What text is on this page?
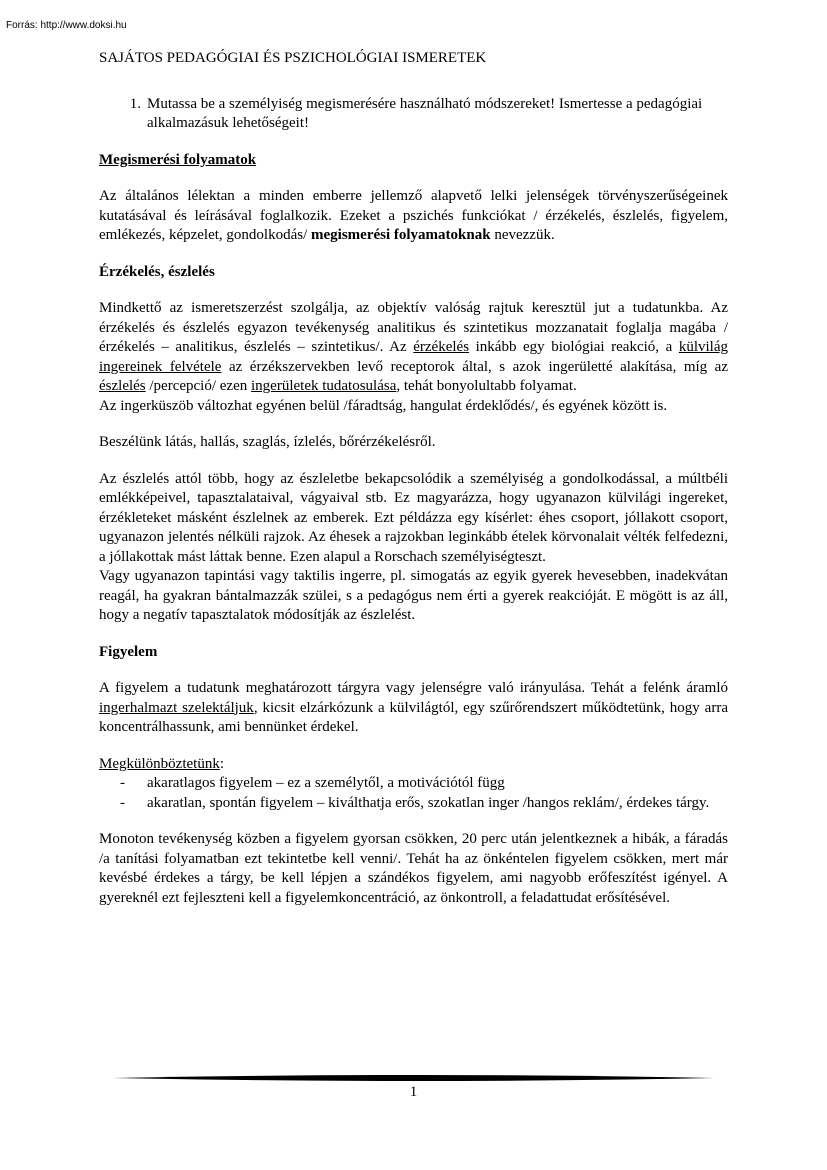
Forrás: http://www.doksi.hu

SAJÁTOS PEDAGÓGIAI ÉS PSZICHOLÓGIAI ISMERETEK

1. Mutassa be a személyiség megismerésére használható módszereket! Ismertesse a pedagógiai alkalmazásuk lehetőségeit!

Megismerési folyamatok

Az általános lélektan a minden emberre jellemző alapvető lelki jelenségek törvényszerűségeinek kutatásával és leírásával foglalkozik. Ezeket a pszichés funkciókat / érzékelés, észlelés, figyelem, emlékezés, képzelet, gondolkodás/ megismerési folyamatoknak nevezzük.

Érzékelés, észlelés

Mindkettő az ismeretszerzést szolgálja, az objektív valóság rajtuk keresztül jut a tudatunkba. Az érzékelés és észlelés egyazon tevékenység analitikus és szintetikus mozzanatait foglalja magába /érzékelés – analitikus, észlelés – szintetikus/. Az érzékelés inkább egy biológiai reakció, a külvilág ingereinek felvétele az érzékszervekben levő receptorok által, s azok ingerületté alakítása, míg az észlelés /percepció/ ezen ingerületek tudatosulása, tehát bonyolultabb folyamat.

Az ingerküszöb változhat egyénen belül /fáradtság, hangulat érdeklődés/, és egyének között is.

Beszélünk látás, hallás, szaglás, ízlelés, bőrérzékelésről.

Az észlelés attól több, hogy az észleletbe bekapcsolódik a személyiség a gondolkodással, a múltbéli emlékképeivel, tapasztalataival, vágyaival stb. Ez magyarázza, hogy ugyanazon külvilági ingereket, érzékleteket másként észlelnek az emberek. Ezt példázza egy kísérlet: éhes csoport, jóllakott csoport, ugyanazon jelentés nélküli rajzok. Az éhesek a rajzokban leginkább ételek körvonalait vélték felfedezni, a jóllakottak mást láttak benne. Ezen alapul a Rorschach személyiségteszt.

Vagy ugyanazon tapintási vagy taktilis ingerre, pl. simogatás az egyik gyerek hevesebben, inadekvátan reagál, ha gyakran bántalmazzák szülei, s a pedagógus nem érti a gyerek reakcióját. E mögött is az áll, hogy a negatív tapasztalatok módosítják az észlelést.

Figyelem

A figyelem a tudatunk meghatározott tárgyra vagy jelenségre való irányulása. Tehát a felénk áramló ingerhalmazt szelektáljuk, kicsit elzárkózunk a külvilágtól, egy szűrőrendszert működtetünk, hogy arra koncentrálhassunk, ami bennünket érdekel.

Megkülönböztetünk:

-	akaratlagos figyelem – ez a személytől, a motivációtól függ
-	akaratlan, spontán figyelem – kiválthatja erős, szokatlan inger /hangos reklám/, érdekes tárgy.

Monoton tevékenység közben a figyelem gyorsan csökken, 20 perc után jelentkeznek a hibák, a fáradás /a tanítási folyamatban ezt tekintetbe kell venni/. Tehát ha az önkéntelen figyelem csökken, mert már kevésbé érdekes a tárgy, be kell lépjen a szándékos figyelem, ami nagyobb erőfeszítést igényel. A gyereknél ezt fejleszteni kell a figyelemkoncentráció, az önkontroll, a feladattudat erősítésével.

1
